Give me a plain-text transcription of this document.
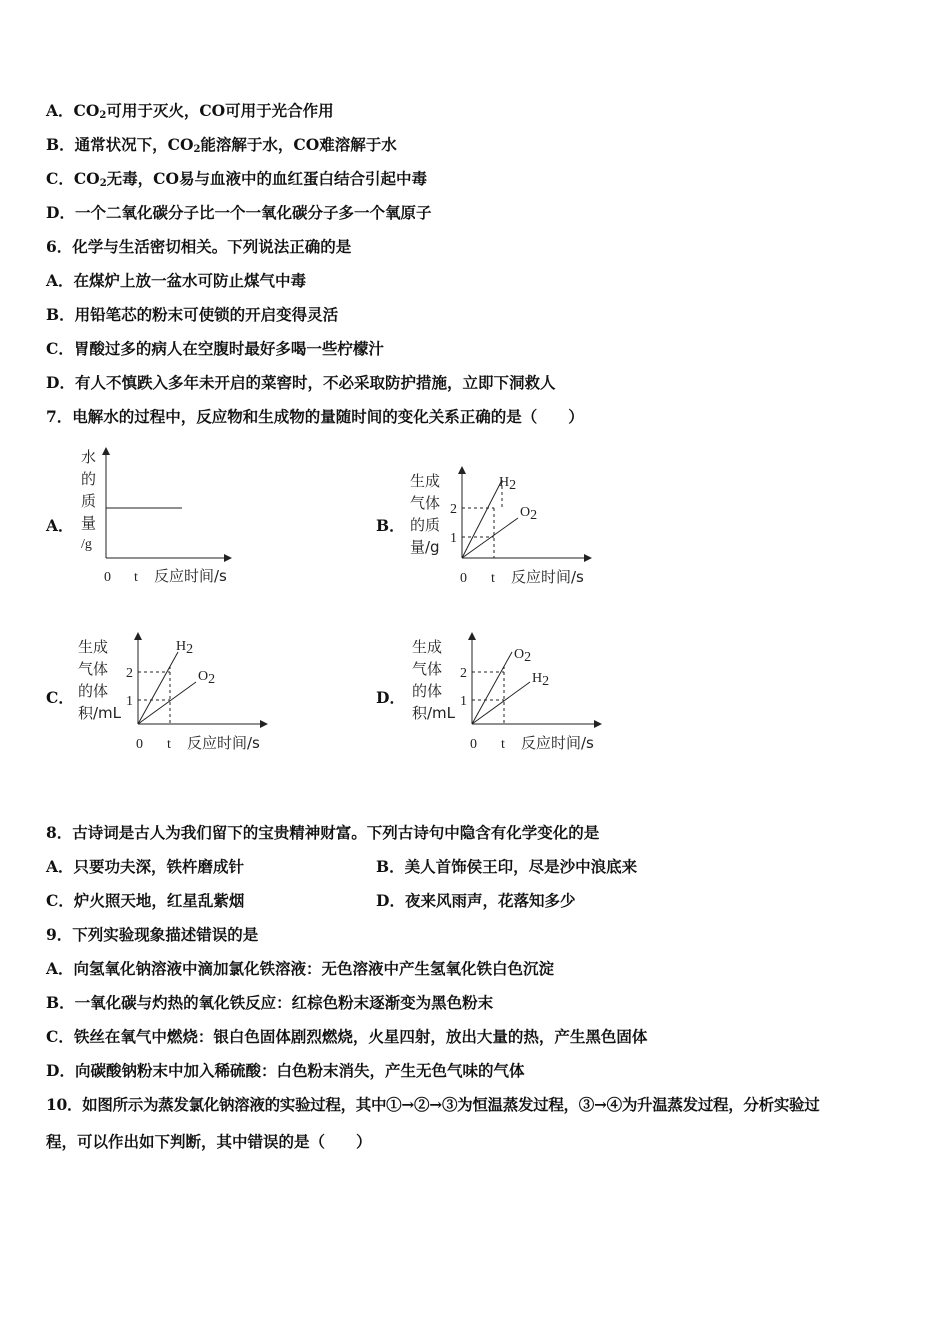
A．$CO_2$可用于灭火，CO可用于光合作用
B．通常状况下，$CO_2$能溶解于水，CO难溶解于水
C．$CO_2$无毒，CO易与血液中的血红蛋白结合引起中毒
D．一个二氧化碳分子比一个一氧化碳分子多一个氧原子
6．化学与生活密切相关。下列说法正确的是
A．在煤炉上放一盆水可防止煤气中毒
B．用铅笔芯的粉末可使锁的开启变得灵活
C．胃酸过多的病人在空腹时最好多喝一些柠檬汁
D．有人不慎跌入多年未开启的菜窖时，不必采取防护措施，立即下洞救人
7．电解水的过程中，反应物和生成物的量随时间的变化关系正确的是（　　）
A．
水
的
质
量
/g
0 t 反应时间/s
B．
生成
气体
的质
量/g
2
1
H2
O2
0 t 反应时间/s
C．
生成
气体
的体
积/mL
2
1
H2
O2
0 t 反应时间/s
D．
生成
气体
的体
积/mL
2
1
O2
H2
0 t 反应时间/s
8．古诗词是古人为我们留下的宝贵精神财富。下列古诗句中隐含有化学变化的是
A．只要功夫深，铁杵磨成针	B．美人首饰侯王印，尽是沙中浪底来
C．炉火照天地，红星乱紫烟	D．夜来风雨声，花落知多少
9．下列实验现象描述错误的是
A．向氢氧化钠溶液中滴加氯化铁溶液：无色溶液中产生氢氧化铁白色沉淀
B．一氧化碳与灼热的氧化铁反应：红棕色粉末逐渐变为黑色粉末
C．铁丝在氧气中燃烧：银白色固体剧烈燃烧，火星四射，放出大量的热，产生黑色固体
D．向碳酸钠粉末中加入稀硫酸：白色粉末消失，产生无色气味的气体
10．如图所示为蒸发氯化钠溶液的实验过程，其中①→②→③为恒温蒸发过程，③→④为升温蒸发过程，分析实验过
程，可以作出如下判断，其中错误的是（　　）
